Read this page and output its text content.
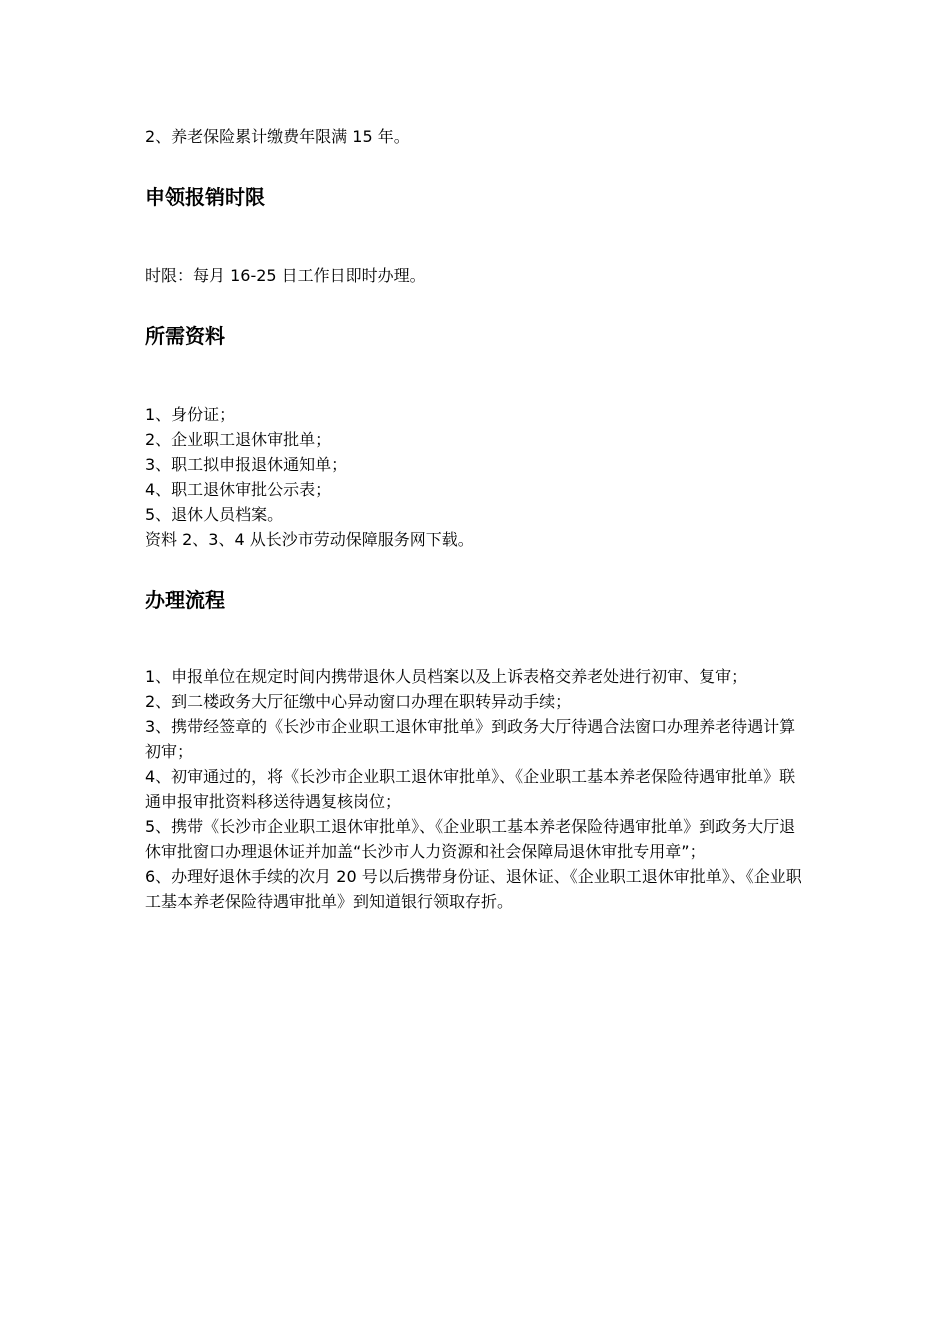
2、养老保险累计缴费年限满 15 年。

申领报销时限

时限：每月 16-25 日工作日即时办理。

所需资料

1、身份证；

2、企业职工退休审批单；

3、职工拟申报退休通知单；

4、职工退休审批公示表；

5、退休人员档案。

资料 2、3、4 从长沙市劳动保障服务网下载。

办理流程

1、申报单位在规定时间内携带退休人员档案以及上诉表格交养老处进行初审、复审；

2、到二楼政务大厅征缴中心异动窗口办理在职转异动手续；

3、携带经签章的《长沙市企业职工退休审批单》到政务大厅待遇合法窗口办理养老待遇计算初审；

4、初审通过的，将《长沙市企业职工退休审批单》、《企业职工基本养老保险待遇审批单》联通申报审批资料移送待遇复核岗位；

5、携带《长沙市企业职工退休审批单》、《企业职工基本养老保险待遇审批单》到政务大厅退休审批窗口办理退休证并加盖“长沙市人力资源和社会保障局退休审批专用章”；

6、办理好退休手续的次月 20 号以后携带身份证、退休证、《企业职工退休审批单》、《企业职工基本养老保险待遇审批单》到知道银行领取存折。
